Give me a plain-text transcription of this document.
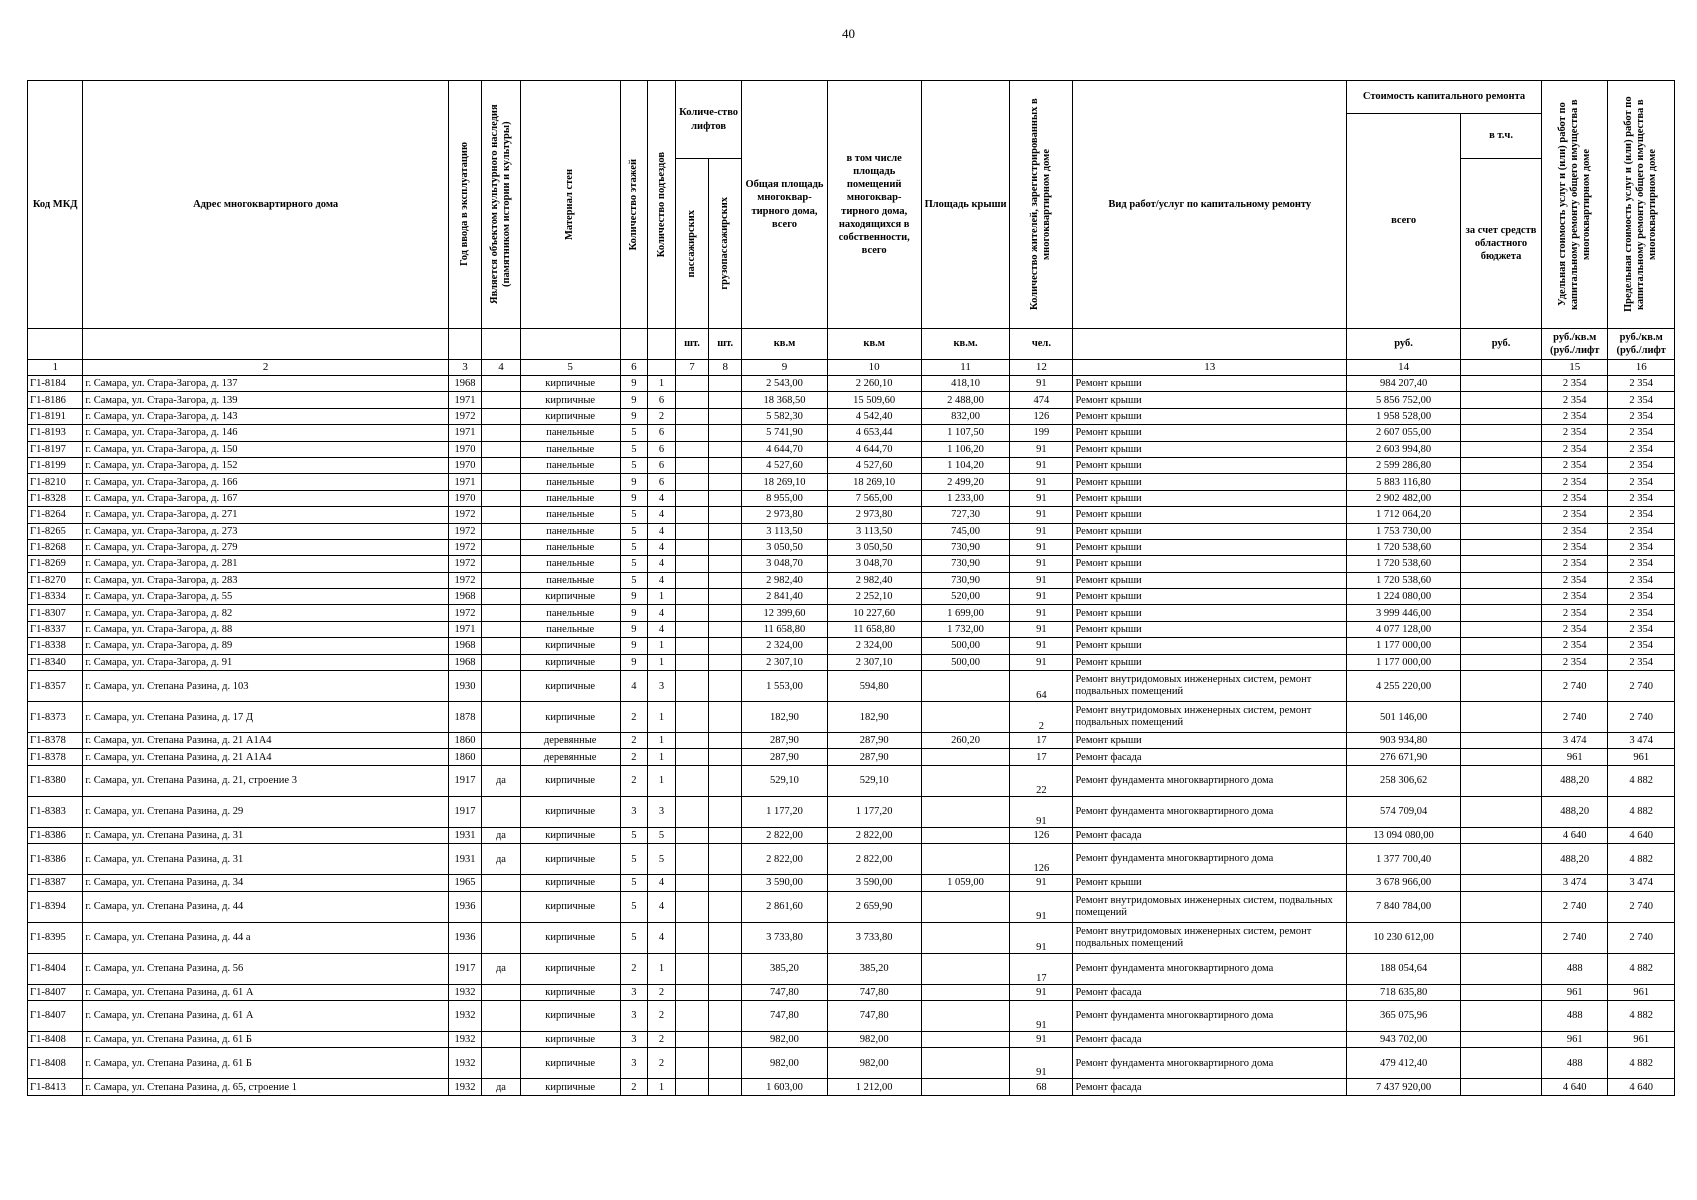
40
Код МКД	Адрес многоквартирного дома	Год ввода в эксплуатацию	Является объектом культурного наследия (памятником истории и культуры)	Материал стен	Количество этажей	Количество подъездов	Количе-ство лифтов		Общая площадь многоквар-тирного дома, всего	в том числе площадь помещений многоквар-тирного дома, находящихся в собственности, всего	Площадь крыши	Количество жителей, зарегистрированных в многоквартирном доме	Вид работ/услуг по капитальному ремонту	Стоимость капитального ремонта		Удельная стоимость услуг и (или) работ по капитальному ремонту общего имущества в многоквартирном доме	Предельная стоимость услуг и (или) работ по капитальному ремонту общего имущества в многоквартирном доме

														всего	в т.ч.		

							пассажирских	грузопассажирских							за счет средств областного бюджета		
							шт.	шт.	кв.м	кв.м	кв.м.	чел.		руб.	руб.	руб./кв.м (руб./лифт	руб./кв.м (руб./лифт
1	2	3	4	5	6		7	8	9	10	11	12	13	14		15	16
Г1-8184	г. Самара, ул. Стара-Загора, д. 137	1968		кирпичные	9	1			2 543,00	2 260,10	418,10	91	Ремонт крыши	984 207,40		2 354	2 354
Г1-8186	г. Самара, ул. Стара-Загора, д. 139	1971		кирпичные	9	6			18 368,50	15 509,60	2 488,00	474	Ремонт крыши	5 856 752,00		2 354	2 354
Г1-8191	г. Самара, ул. Стара-Загора, д. 143	1972		кирпичные	9	2			5 582,30	4 542,40	832,00	126	Ремонт крыши	1 958 528,00		2 354	2 354
Г1-8193	г. Самара, ул. Стара-Загора, д. 146	1971		панельные	5	6			5 741,90	4 653,44	1 107,50	199	Ремонт крыши	2 607 055,00		2 354	2 354
Г1-8197	г. Самара, ул. Стара-Загора, д. 150	1970		панельные	5	6			4 644,70	4 644,70	1 106,20	91	Ремонт крыши	2 603 994,80		2 354	2 354
Г1-8199	г. Самара, ул. Стара-Загора, д. 152	1970		панельные	5	6			4 527,60	4 527,60	1 104,20	91	Ремонт крыши	2 599 286,80		2 354	2 354
Г1-8210	г. Самара, ул. Стара-Загора, д. 166	1971		панельные	9	6			18 269,10	18 269,10	2 499,20	91	Ремонт крыши	5 883 116,80		2 354	2 354
Г1-8328	г. Самара, ул. Стара-Загора, д. 167	1970		панельные	9	4			8 955,00	7 565,00	1 233,00	91	Ремонт крыши	2 902 482,00		2 354	2 354
Г1-8264	г. Самара, ул. Стара-Загора, д. 271	1972		панельные	5	4			2 973,80	2 973,80	727,30	91	Ремонт крыши	1 712 064,20		2 354	2 354
Г1-8265	г. Самара, ул. Стара-Загора, д. 273	1972		панельные	5	4			3 113,50	3 113,50	745,00	91	Ремонт крыши	1 753 730,00		2 354	2 354
Г1-8268	г. Самара, ул. Стара-Загора, д. 279	1972		панельные	5	4			3 050,50	3 050,50	730,90	91	Ремонт крыши	1 720 538,60		2 354	2 354
Г1-8269	г. Самара, ул. Стара-Загора, д. 281	1972		панельные	5	4			3 048,70	3 048,70	730,90	91	Ремонт крыши	1 720 538,60		2 354	2 354
Г1-8270	г. Самара, ул. Стара-Загора, д. 283	1972		панельные	5	4			2 982,40	2 982,40	730,90	91	Ремонт крыши	1 720 538,60		2 354	2 354
Г1-8334	г. Самара, ул. Стара-Загора, д. 55	1968		кирпичные	9	1			2 841,40	2 252,10	520,00	91	Ремонт крыши	1 224 080,00		2 354	2 354
Г1-8307	г. Самара, ул. Стара-Загора, д. 82	1972		панельные	9	4			12 399,60	10 227,60	1 699,00	91	Ремонт крыши	3 999 446,00		2 354	2 354
Г1-8337	г. Самара, ул. Стара-Загора, д. 88	1971		панельные	9	4			11 658,80	11 658,80	1 732,00	91	Ремонт крыши	4 077 128,00		2 354	2 354
Г1-8338	г. Самара, ул. Стара-Загора, д. 89	1968		кирпичные	9	1			2 324,00	2 324,00	500,00	91	Ремонт крыши	1 177 000,00		2 354	2 354
Г1-8340	г. Самара, ул. Стара-Загора, д. 91	1968		кирпичные	9	1			2 307,10	2 307,10	500,00	91	Ремонт крыши	1 177 000,00		2 354	2 354
Г1-8357	г. Самара, ул. Степана Разина, д. 103	1930		кирпичные	4	3			1 553,00	594,80		64	Ремонт внутридомовых инженерных систем, ремонт подвальных помещений	4 255 220,00		2 740	2 740
Г1-8373	г. Самара, ул. Степана Разина, д. 17 Д	1878		кирпичные	2	1			182,90	182,90		2	Ремонт внутридомовых инженерных систем, ремонт подвальных помещений	501 146,00		2 740	2 740
Г1-8378	г. Самара, ул. Степана Разина, д. 21 А1А4	1860		деревянные	2	1			287,90	287,90	260,20	17	Ремонт крыши	903 934,80		3 474	3 474
Г1-8378	г. Самара, ул. Степана Разина, д. 21 А1А4	1860		деревянные	2	1			287,90	287,90		17	Ремонт фасада	276 671,90		961	961
Г1-8380	г. Самара, ул. Степана Разина, д. 21, строение 3	1917	да	кирпичные	2	1			529,10	529,10		22	Ремонт фундамента многоквартирного дома	258 306,62		488,20	4 882
Г1-8383	г. Самара, ул. Степана Разина, д. 29	1917		кирпичные	3	3			1 177,20	1 177,20		91	Ремонт фундамента многоквартирного дома	574 709,04		488,20	4 882
Г1-8386	г. Самара, ул. Степана Разина, д. 31	1931	да	кирпичные	5	5			2 822,00	2 822,00		126	Ремонт фасада	13 094 080,00		4 640	4 640
Г1-8386	г. Самара, ул. Степана Разина, д. 31	1931	да	кирпичные	5	5			2 822,00	2 822,00		126	Ремонт фундамента многоквартирного дома	1 377 700,40		488,20	4 882
Г1-8387	г. Самара, ул. Степана Разина, д. 34	1965		кирпичные	5	4			3 590,00	3 590,00	1 059,00	91	Ремонт крыши	3 678 966,00		3 474	3 474
Г1-8394	г. Самара, ул. Степана Разина, д. 44	1936		кирпичные	5	4			2 861,60	2 659,90		91	Ремонт внутридомовых инженерных систем, подвальных помещений	7 840 784,00		2 740	2 740
Г1-8395	г. Самара, ул. Степана Разина, д. 44 а	1936		кирпичные	5	4			3 733,80	3 733,80		91	Ремонт внутридомовых инженерных систем, ремонт подвальных помещений	10 230 612,00		2 740	2 740
Г1-8404	г. Самара, ул. Степана Разина, д. 56	1917	да	кирпичные	2	1			385,20	385,20		17	Ремонт фундамента многоквартирного дома	188 054,64		488	4 882
Г1-8407	г. Самара, ул. Степана Разина, д. 61 А	1932		кирпичные	3	2			747,80	747,80		91	Ремонт фасада	718 635,80		961	961
Г1-8407	г. Самара, ул. Степана Разина, д. 61 А	1932		кирпичные	3	2			747,80	747,80		91	Ремонт фундамента многоквартирного дома	365 075,96		488	4 882
Г1-8408	г. Самара, ул. Степана Разина, д. 61 Б	1932		кирпичные	3	2			982,00	982,00		91	Ремонт фасада	943 702,00		961	961
Г1-8408	г. Самара, ул. Степана Разина, д. 61 Б	1932		кирпичные	3	2			982,00	982,00		91	Ремонт фундамента многоквартирного дома	479 412,40		488	4 882
Г1-8413	г. Самара, ул. Степана Разина, д. 65, строение 1	1932	да	кирпичные	2	1			1 603,00	1 212,00		68	Ремонт фасада	7 437 920,00		4 640	4 640
